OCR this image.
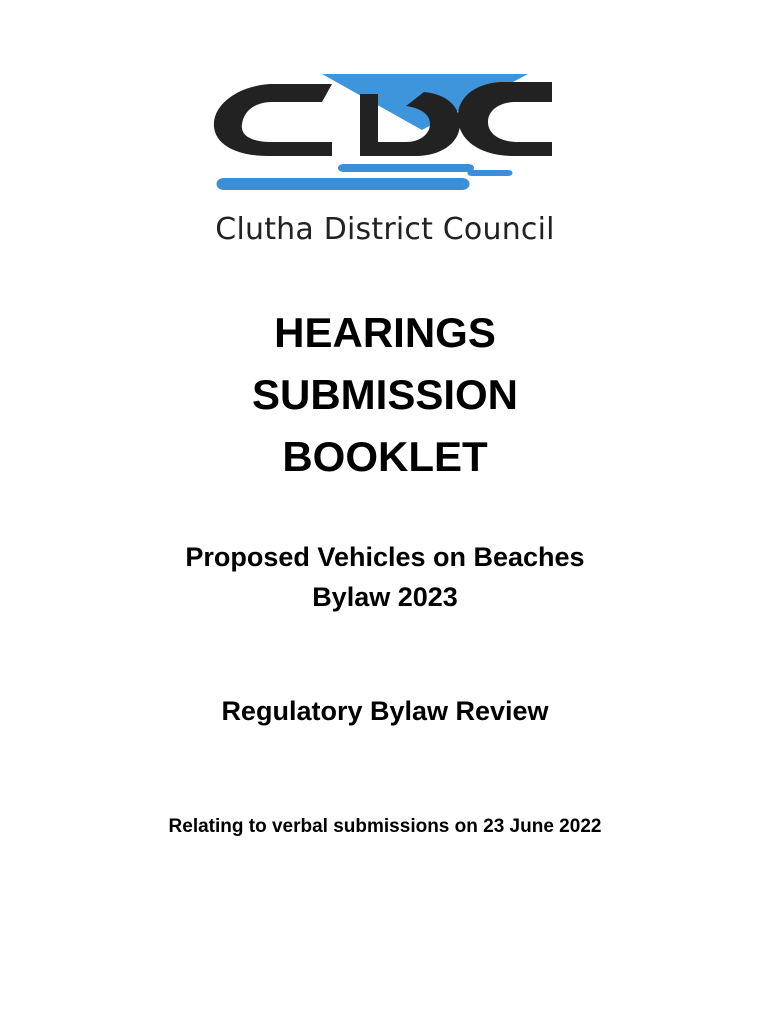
Clutha District Council
HEARINGS
SUBMISSION
BOOKLET
Proposed Vehicles on Beaches
Bylaw 2023
Regulatory Bylaw Review
Relating to verbal submissions on 23 June 2022
